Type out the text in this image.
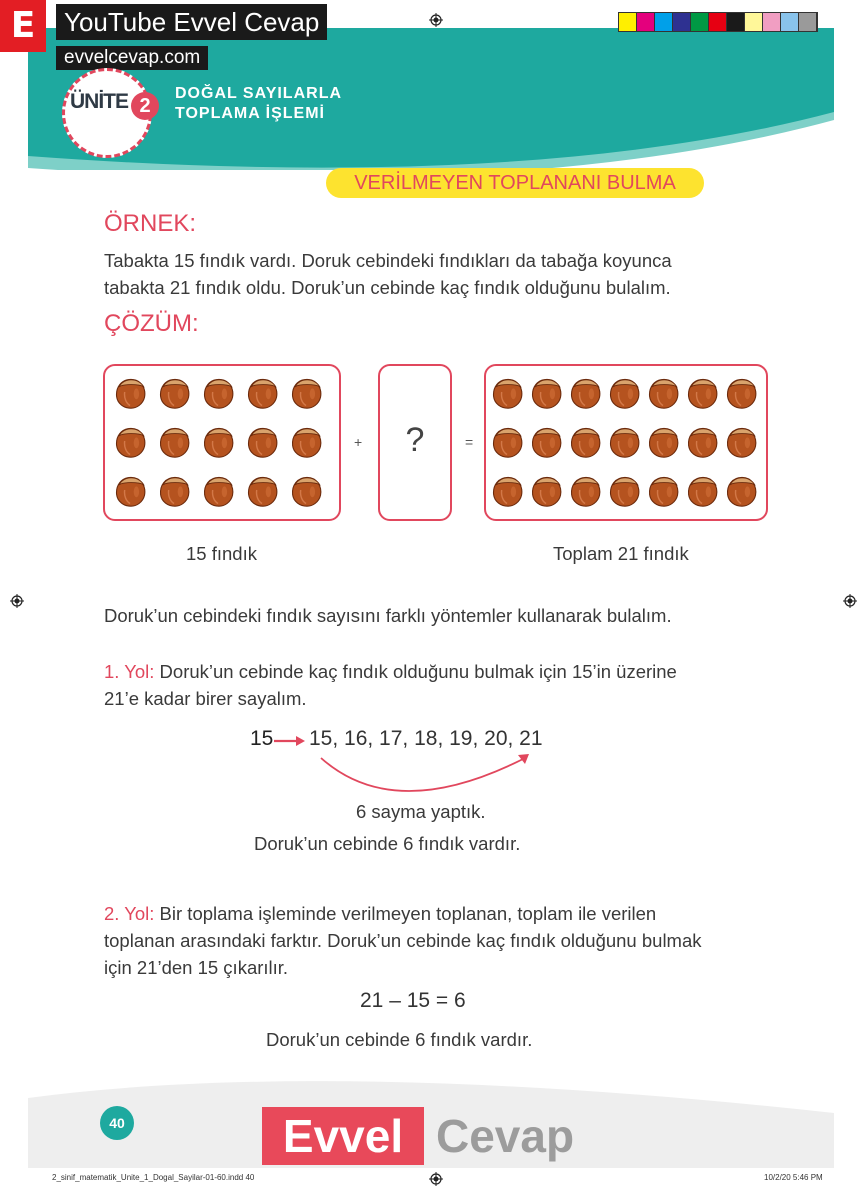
E	YouTube Evvel Cevap
evvelcevap.com
ÜNİTE 2
DOĞAL SAYILARLA
TOPLAMA İŞLEMİ
VERİLMEYEN TOPLANANI BULMA
ÖRNEK:
Tabakta 15 fındık vardı. Doruk cebindeki fındıkları da tabağa koyunca
tabakta 21 fındık oldu. Doruk’un cebinde kaç fındık olduğunu bulalım.
ÇÖZÜM:
+	?	=
15 fındık	Toplam 21 fındık
Doruk’un cebindeki fındık sayısını farklı yöntemler kullanarak bulalım.
1. Yol: Doruk’un cebinde kaç fındık olduğunu bulmak için 15’in üzerine
21’e kadar birer sayalım.
15 15, 16, 17, 18, 19, 20, 21
6 sayma yaptık.
Doruk’un cebinde 6 fındık vardır.
2. Yol: Bir toplama işleminde verilmeyen toplanan, toplam ile verilen
toplanan arasındaki farktır. Doruk’un cebinde kaç fındık olduğunu bulmak
için 21’den 15 çıkarılır.
21 – 15 = 6
Doruk’un cebinde 6 fındık vardır.
40	Evvel Cevap
2_sinif_matematik_Unite_1_Dogal_Sayilar-01-60.indd 40	10/2/20 5:46 PM
